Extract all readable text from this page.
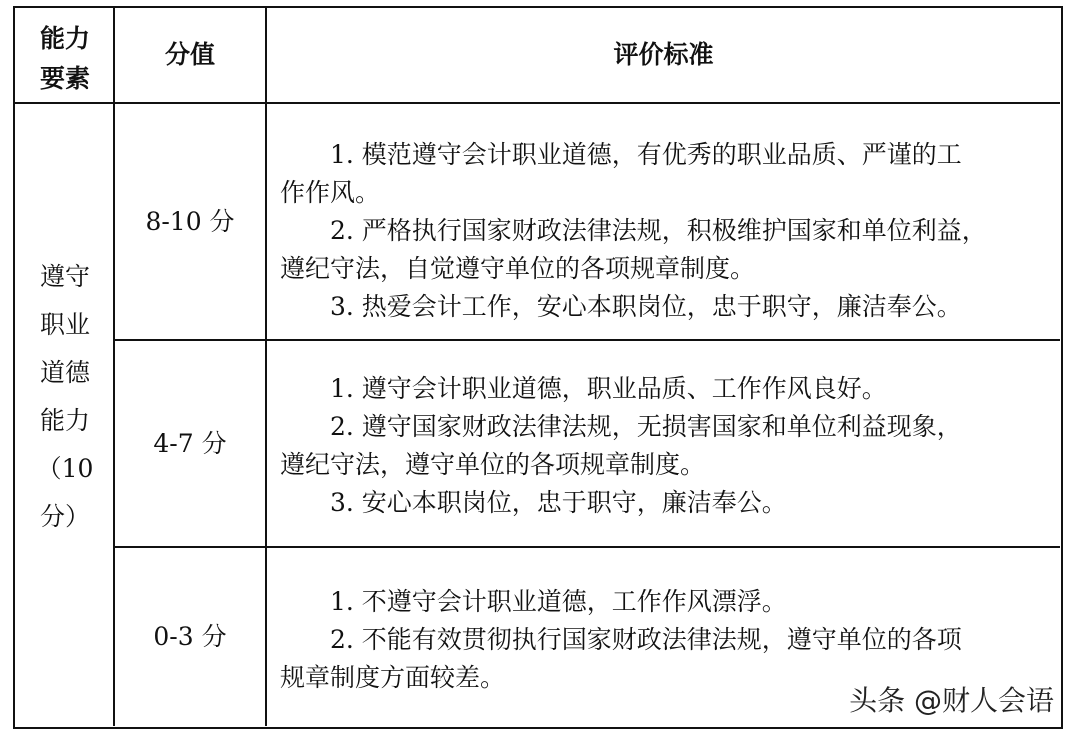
能力
要素
分值	评价标准
遵守
职业
道德
能力
（10
分）
8-10 分

1. 模范遵守会计职业道德，有优秀的职业品质、严谨的工

作作风。

2. 严格执行国家财政法律法规，积极维护国家和单位利益，

遵纪守法，自觉遵守单位的各项规章制度。

3. 热爱会计工作，安心本职岗位，忠于职守，廉洁奉公。

4-7 分

1. 遵守会计职业道德，职业品质、工作作风良好。

2. 遵守国家财政法律法规，无损害国家和单位利益现象，

遵纪守法，遵守单位的各项规章制度。

3. 安心本职岗位，忠于职守，廉洁奉公。

0-3 分

1. 不遵守会计职业道德，工作作风漂浮。

2. 不能有效贯彻执行国家财政法律法规，遵守单位的各项

规章制度方面较差。

头条 @财人会语
